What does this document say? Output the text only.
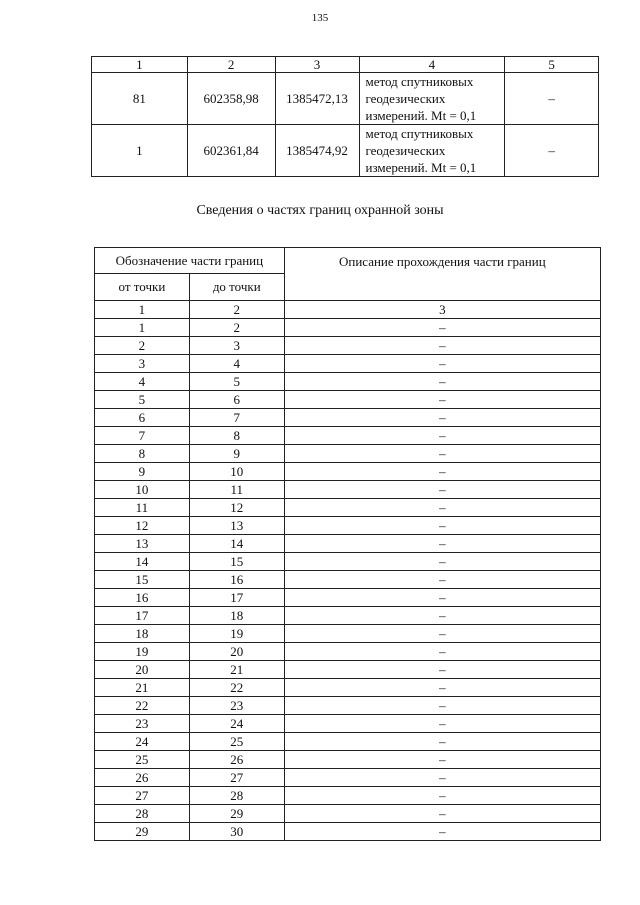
135
1	2	3	4	5
81	602358,98	1385472,13	метод спутниковых
геодезических
измерений. Mt = 0,1	–
1	602361,84	1385474,92	метод спутниковых
геодезических
измерений. Mt = 0,1	–
Сведения о частях границ охранной зоны
Обозначение части границ		Описание прохождения части границ
от точки	до точки	
1	2	3
1	2	–
2	3	–
3	4	–
4	5	–
5	6	–
6	7	–
7	8	–
8	9	–
9	10	–
10	11	–
11	12	–
12	13	–
13	14	–
14	15	–
15	16	–
16	17	–
17	18	–
18	19	–
19	20	–
20	21	–
21	22	–
22	23	–
23	24	–
24	25	–
25	26	–
26	27	–
27	28	–
28	29	–
29	30	–
